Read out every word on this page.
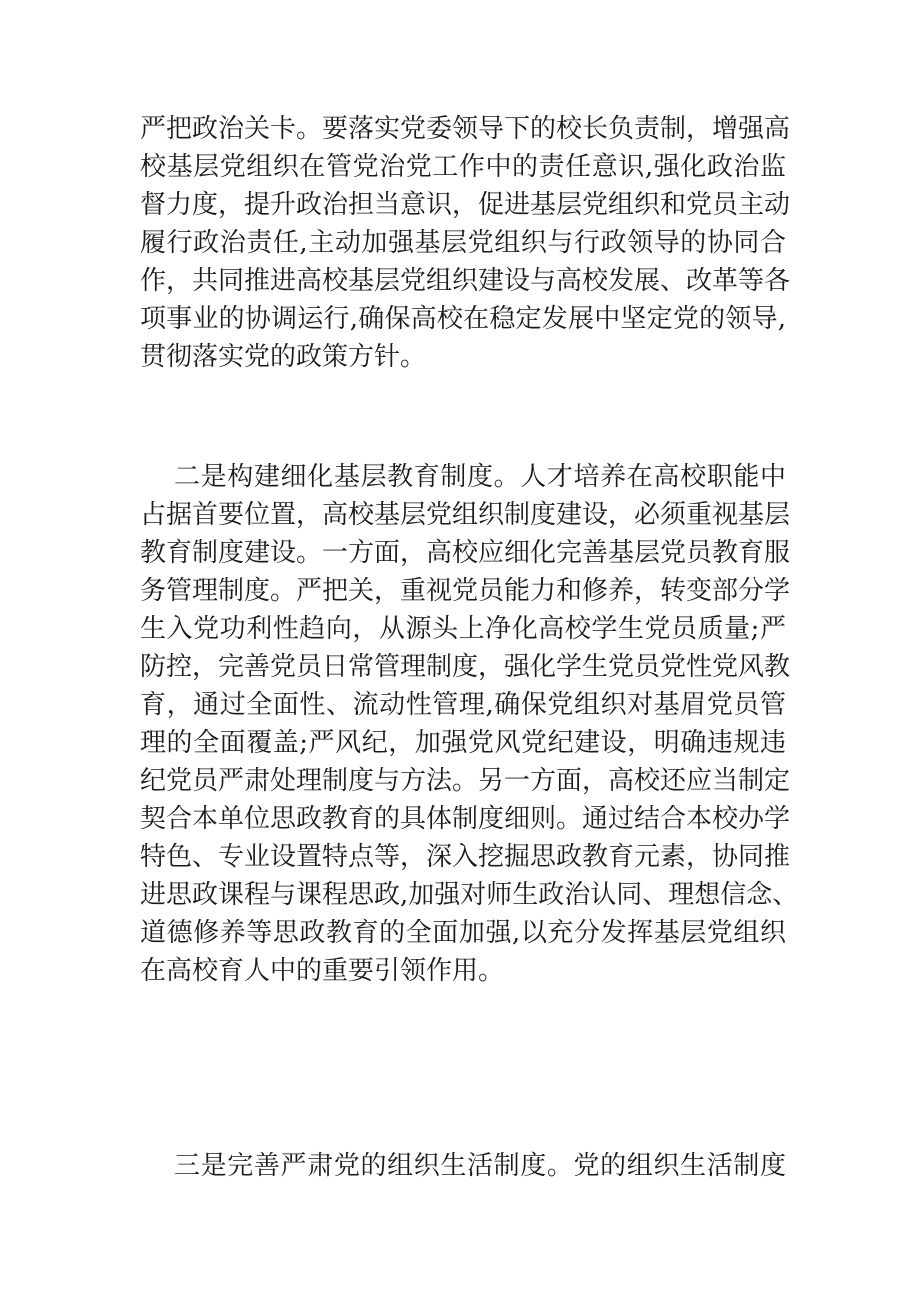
严把政治关卡。要落实党委领导下的校长负责制，增强高
校基层党组织在管党治党工作中的责任意识,强化政治监
督力度，提升政治担当意识，促进基层党组织和党员主动
履行政治责任,主动加强基层党组织与行政领导的协同合
作，共同推进高校基层党组织建设与高校发展、改革等各
项事业的协调运行,确保高校在稳定发展中坚定党的领导,
贯彻落实党的政策方针。
二是构建细化基层教育制度。人才培养在高校职能中
占据首要位置，高校基层党组织制度建设，必须重视基层
教育制度建设。一方面，高校应细化完善基层党员教育服
务管理制度。严把关，重视党员能力和修养，转变部分学
生入党功利性趋向，从源头上净化高校学生党员质量;严
防控，完善党员日常管理制度，强化学生党员党性党风教
育，通过全面性、流动性管理,确保党组织对基眉党员管
理的全面覆盖;严风纪，加强党风党纪建设，明确违规违
纪党员严肃处理制度与方法。另一方面，高校还应当制定
契合本单位思政教育的具体制度细则。通过结合本校办学
特色、专业设置特点等，深入挖掘思政教育元素，协同推
进思政课程与课程思政,加强对师生政治认同、理想信念、
道德修养等思政教育的全面加强,以充分发挥基层党组织
在高校育人中的重要引领作用。
三是完善严肃党的组织生活制度。党的组织生活制度
